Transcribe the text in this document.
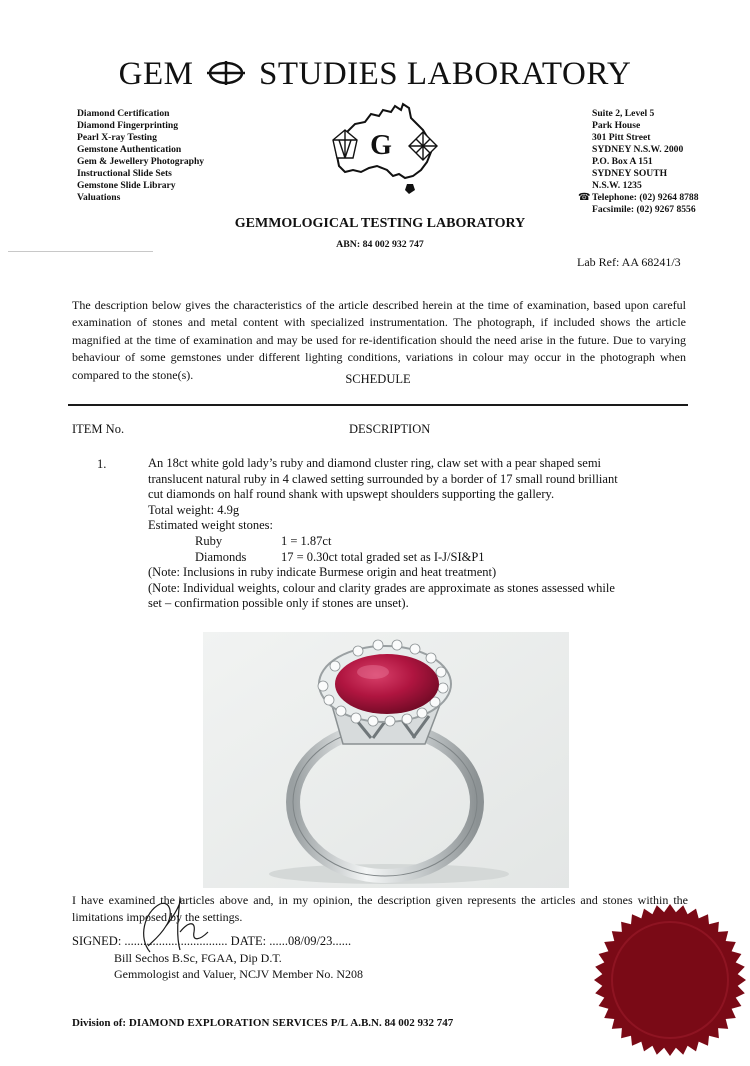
GEM STUDIES LABORATORY
Diamond Certification
Diamond Fingerprinting
Pearl X-ray Testing
Gemstone Authentication
Gem & Jewellery Photography
Instructional Slide Sets
Gemstone Slide Library
Valuations
G
Suite 2, Level 5
Park House
301 Pitt Street
SYDNEY N.S.W. 2000
P.O. Box A 151
SYDNEY SOUTH
N.S.W. 1235
☎ Telephone: (02) 9264 8788
Facsimile: (02) 9267 8556
GEMMOLOGICAL TESTING LABORATORY
ABN: 84 002 932 747
Lab Ref: AA 68241/3
The description below gives the characteristics of the article described herein at the time of examination, based upon careful examination of stones and metal content with specialized instrumentation. The photograph, if included shows the article magnified at the time of examination and may be used for re-identification should the need arise in the future. Due to varying behaviour of some gemstones under different lighting conditions, variations in colour may occur in the photograph when compared to the stone(s).	SCHEDULE
ITEM No.	DESCRIPTION
1.	An 18ct white gold lady’s ruby and diamond cluster ring, claw set with a pear shaped semi translucent natural ruby in 4 clawed setting surrounded by a border of 17 small round brilliant cut diamonds on half round shank with upswept shoulders supporting the gallery.

Total weight: 4.9g

Estimated weight stones:

Ruby	1 = 1.87ct
Diamonds	17 = 0.30ct total graded set as I-J/SI&P1

(Note: Inclusions in ruby indicate Burmese origin and heat treatment)

(Note: Individual weights, colour and clarity grades are approximate as stones assessed while set – confirmation possible only if stones are unset).

I have examined the articles above and, in my opinion, the description given represents the articles and stones within the limitations imposed by the settings.
SIGNED: ................................. DATE: ......08/09/23......
Bill Sechos B.Sc, FGAA, Dip D.T.
Gemmologist and Valuer, NCJV Member No. N208
Division of: DIAMOND EXPLORATION SERVICES P/L A.B.N. 84 002 932 747
